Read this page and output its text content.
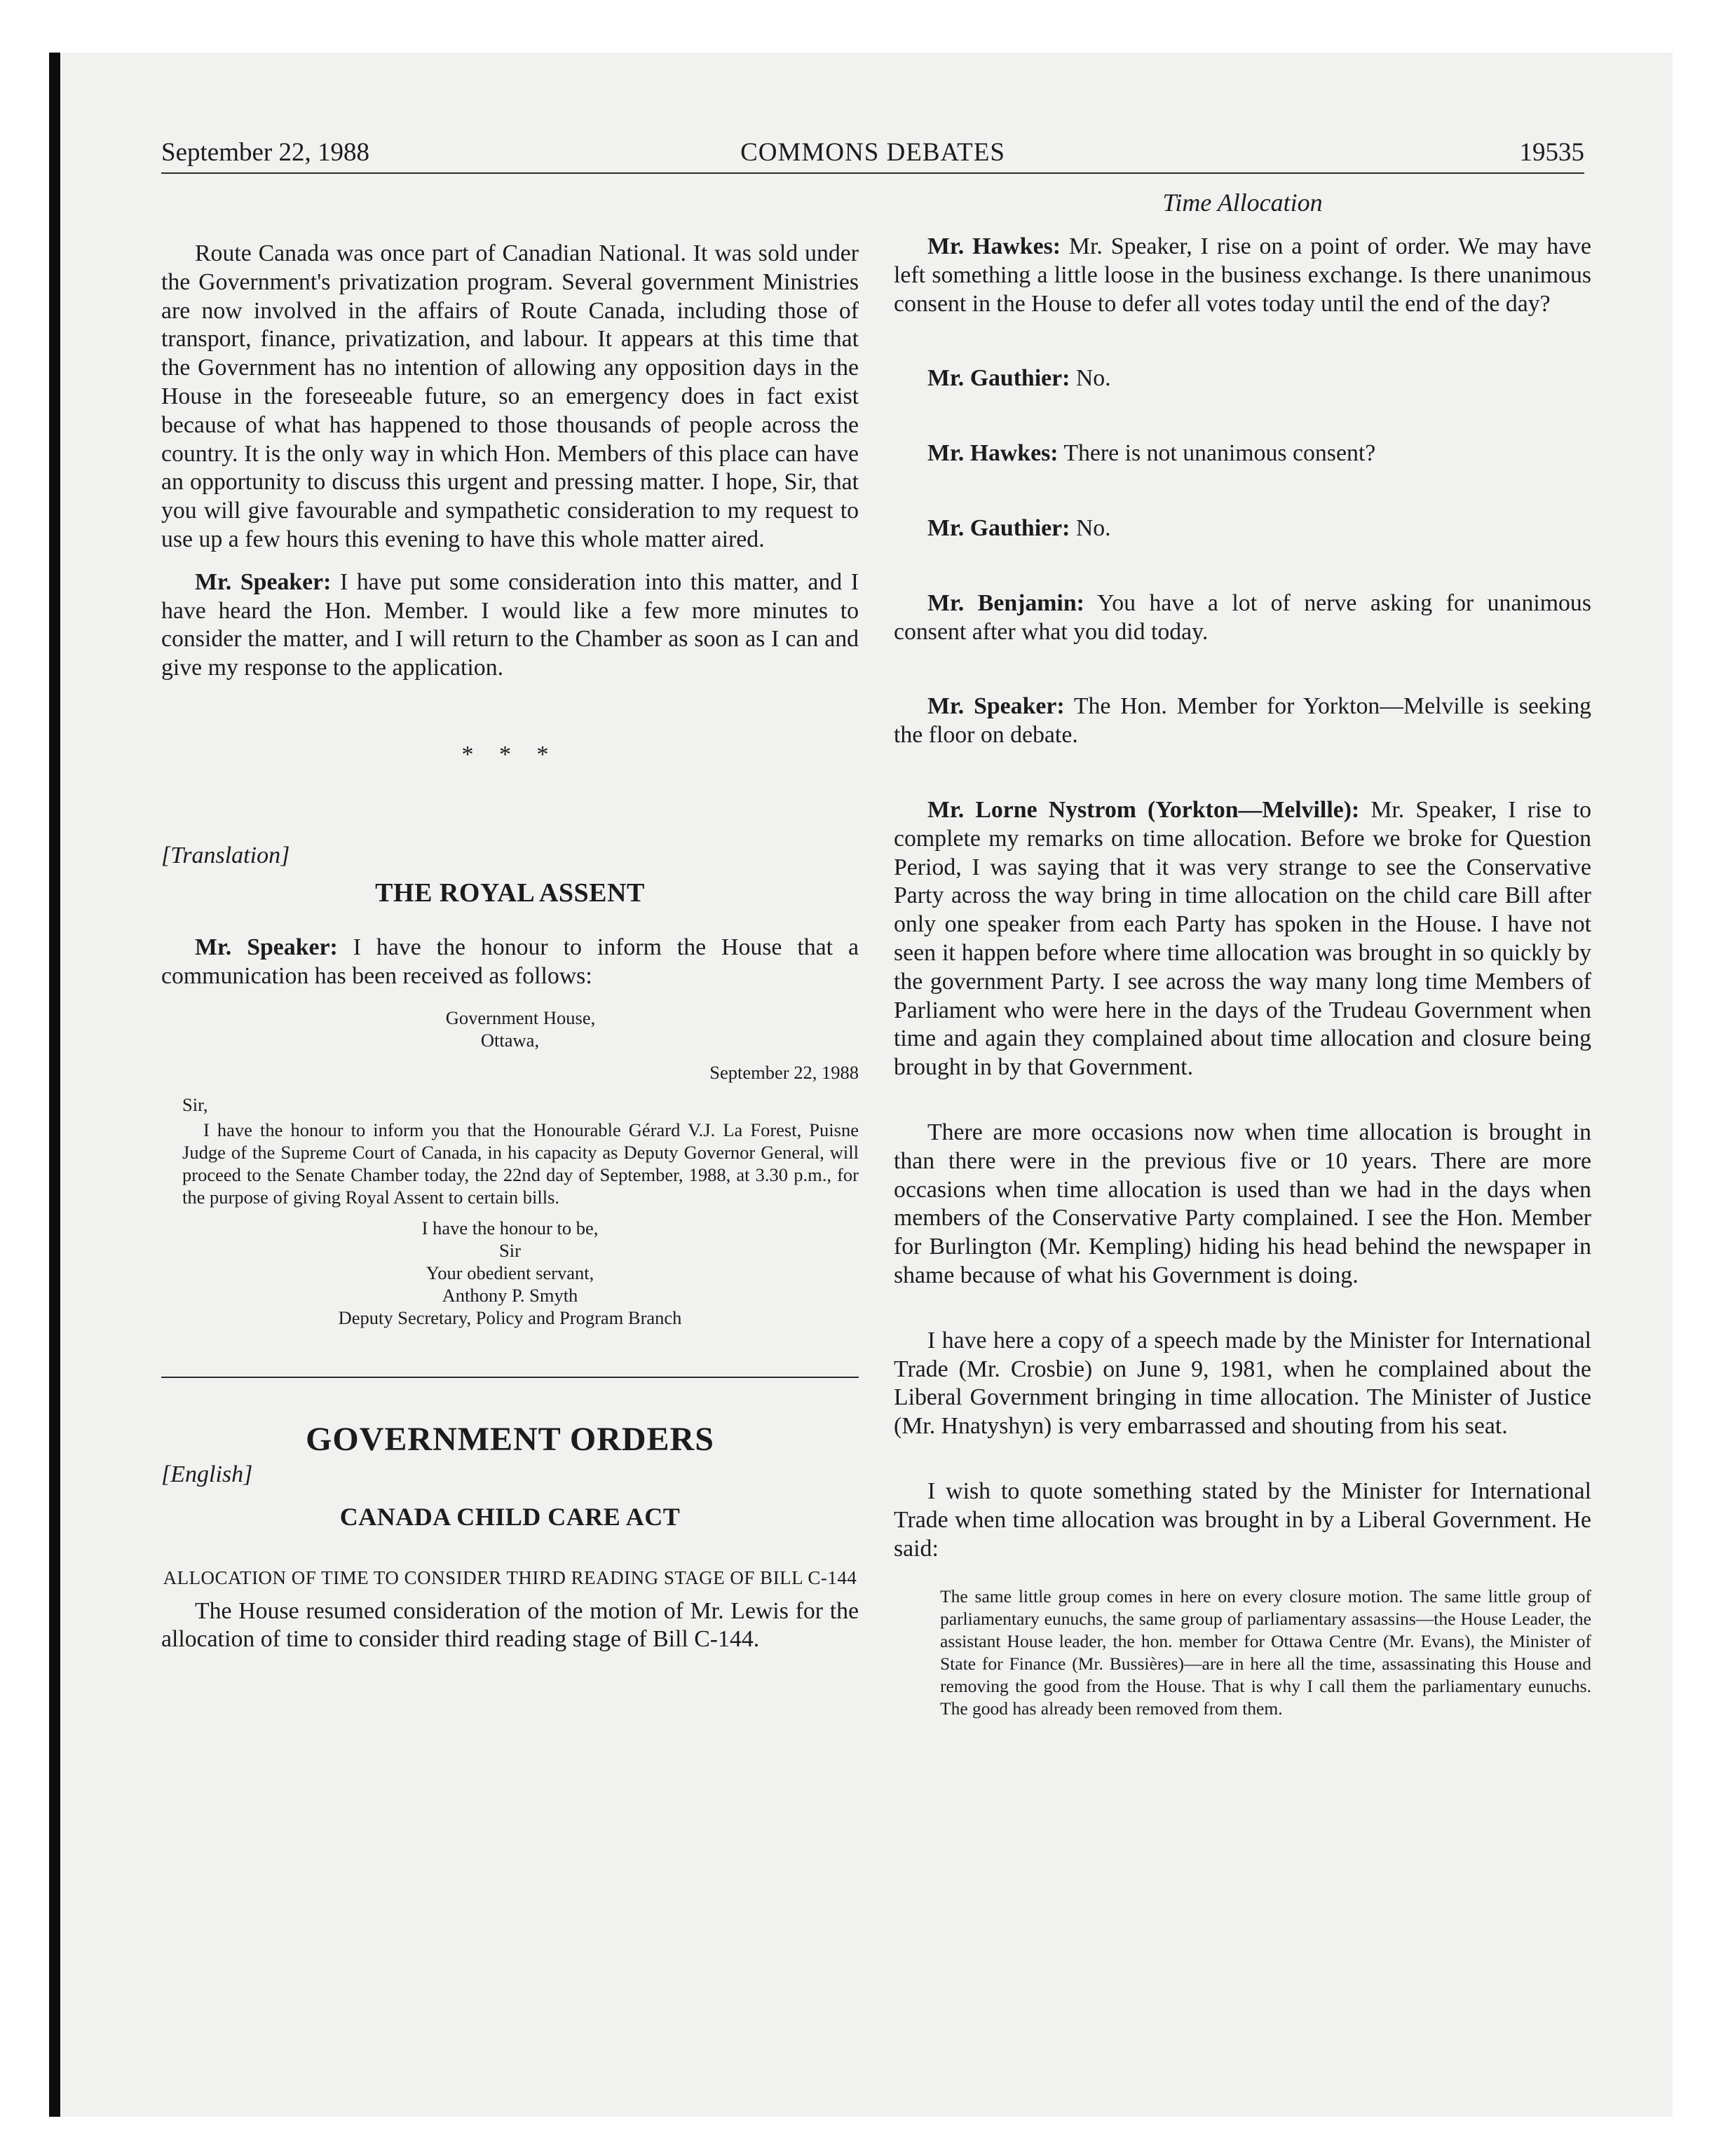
September 22, 1988	COMMONS DEBATES	19535

Route Canada was once part of Canadian National. It was sold under the Government's privatization program. Several government Ministries are now involved in the affairs of Route Canada, including those of transport, finance, privatization, and labour. It appears at this time that the Government has no intention of allowing any opposition days in the House in the foreseeable future, so an emergency does in fact exist because of what has happened to those thousands of people across the country. It is the only way in which Hon. Members of this place can have an opportunity to discuss this urgent and pressing matter. I hope, Sir, that you will give favourable and sympathetic consideration to my request to use up a few hours this evening to have this whole matter aired.

Mr. Speaker: I have put some consideration into this matter, and I have heard the Hon. Member. I would like a few more minutes to consider the matter, and I will return to the Chamber as soon as I can and give my response to the application.

* * *

[Translation]

THE ROYAL ASSENT

Mr. Speaker: I have the honour to inform the House that a communication has been received as follows:

Government House,

Ottawa,

September 22, 1988

Sir,

I have the honour to inform you that the Honourable Gérard V.J. La Forest, Puisne Judge of the Supreme Court of Canada, in his capacity as Deputy Governor General, will proceed to the Senate Chamber today, the 22nd day of September, 1988, at 3.30 p.m., for the purpose of giving Royal Assent to certain bills.

I have the honour to be,

Sir

Your obedient servant,

Anthony P. Smyth

Deputy Secretary, Policy and Program Branch

GOVERNMENT ORDERS

[English]

CANADA CHILD CARE ACT

ALLOCATION OF TIME TO CONSIDER THIRD READING STAGE OF BILL C-144

The House resumed consideration of the motion of Mr. Lewis for the allocation of time to consider third reading stage of Bill C-144.

Time Allocation

Mr. Hawkes: Mr. Speaker, I rise on a point of order. We may have left something a little loose in the business exchange. Is there unanimous consent in the House to defer all votes today until the end of the day?

Mr. Gauthier: No.

Mr. Hawkes: There is not unanimous consent?

Mr. Gauthier: No.

Mr. Benjamin: You have a lot of nerve asking for unanimous consent after what you did today.

Mr. Speaker: The Hon. Member for Yorkton—Melville is seeking the floor on debate.

Mr. Lorne Nystrom (Yorkton—Melville): Mr. Speaker, I rise to complete my remarks on time allocation. Before we broke for Question Period, I was saying that it was very strange to see the Conservative Party across the way bring in time allocation on the child care Bill after only one speaker from each Party has spoken in the House. I have not seen it happen before where time allocation was brought in so quickly by the government Party. I see across the way many long time Members of Parliament who were here in the days of the Trudeau Government when time and again they complained about time allocation and closure being brought in by that Government.

There are more occasions now when time allocation is brought in than there were in the previous five or 10 years. There are more occasions when time allocation is used than we had in the days when members of the Conservative Party complained. I see the Hon. Member for Burlington (Mr. Kempling) hiding his head behind the newspaper in shame because of what his Government is doing.

I have here a copy of a speech made by the Minister for International Trade (Mr. Crosbie) on June 9, 1981, when he complained about the Liberal Government bringing in time allocation. The Minister of Justice (Mr. Hnatyshyn) is very embarrassed and shouting from his seat.

I wish to quote something stated by the Minister for International Trade when time allocation was brought in by a Liberal Government. He said:

The same little group comes in here on every closure motion. The same little group of parliamentary eunuchs, the same group of parliamentary assassins—the House Leader, the assistant House leader, the hon. member for Ottawa Centre (Mr. Evans), the Minister of State for Finance (Mr. Bussières)—are in here all the time, assassinating this House and removing the good from the House. That is why I call them the parliamentary eunuchs. The good has already been removed from them.
